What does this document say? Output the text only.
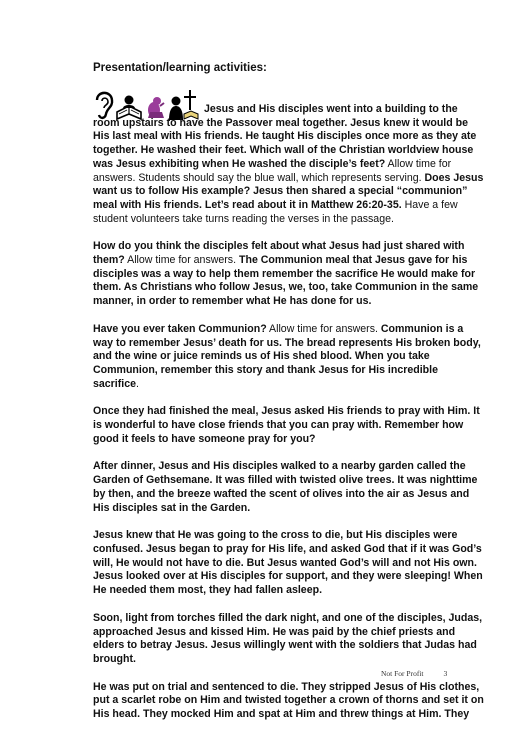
Presentation/learning activities:

Jesus and His disciples went into a building to the room upstairs to have the Passover meal together. Jesus knew it would be His last meal with His friends. He taught His disciples once more as they ate together. He washed their feet. Which wall of the Christian worldview house was Jesus exhibiting when He washed the disciple’s feet? Allow time for answers. Students should say the blue wall, which represents serving. Does Jesus want us to follow His example? Jesus then shared a special “communion” meal with His friends. Let’s read about it in Matthew 26:20-35. Have a few student volunteers take turns reading the verses in the passage.

How do you think the disciples felt about what Jesus had just shared with them? Allow time for answers. The Communion meal that Jesus gave for his disciples was a way to help them remember the sacrifice He would make for them. As Christians who follow Jesus, we, too, take Communion in the same manner, in order to remember what He has done for us.

Have you ever taken Communion? Allow time for answers. Communion is a way to remember Jesus’ death for us. The bread represents His broken body, and the wine or juice reminds us of His shed blood. When you take Communion, remember this story and thank Jesus for His incredible sacrifice.

Once they had finished the meal, Jesus asked His friends to pray with Him. It is wonderful to have close friends that you can pray with. Remember how good it feels to have someone pray for you?

After dinner, Jesus and His disciples walked to a nearby garden called the Garden of Gethsemane. It was filled with twisted olive trees. It was nighttime by then, and the breeze wafted the scent of olives into the air as Jesus and His disciples sat in the Garden.

Jesus knew that He was going to the cross to die, but His disciples were confused. Jesus began to pray for His life, and asked God that if it was God’s will, He would not have to die. But Jesus wanted God’s will and not His own. Jesus looked over at His disciples for support, and they were sleeping! When He needed them most, they had fallen asleep.

Soon, light from torches filled the dark night, and one of the disciples, Judas, approached Jesus and kissed Him. He was paid by the chief priests and elders to betray Jesus. Jesus willingly went with the soldiers that Judas had brought.

He was put on trial and sentenced to die. They stripped Jesus of His clothes, put a scarlet robe on Him and twisted together a crown of thorns and set it on His head. They mocked Him and spat at Him and threw things at Him. They

Not For Profit	3
